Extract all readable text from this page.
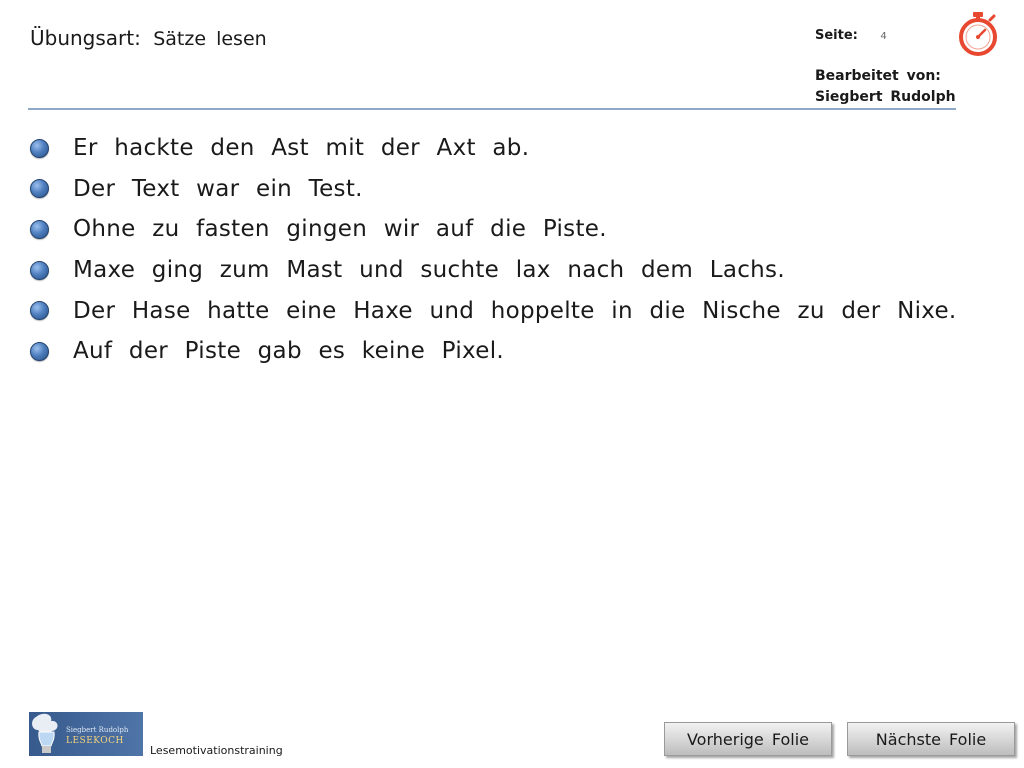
Übungsart: Sätze lesen	Seite: 4
Bearbeitet von:
Siegbert Rudolph
Er hackte den Ast mit der Axt ab.
Der Text war ein Test.
Ohne zu fasten gingen wir auf die Piste.
Maxe ging zum Mast und suchte lax nach dem Lachs.
Der Hase hatte eine Haxe und hoppelte in die Nische zu der Nixe.
Auf der Piste gab es keine Pixel.
Siegbert Rudolph
LESEKOCH
Lesemotivationstraining
Vorherige Folie	Nächste Folie
